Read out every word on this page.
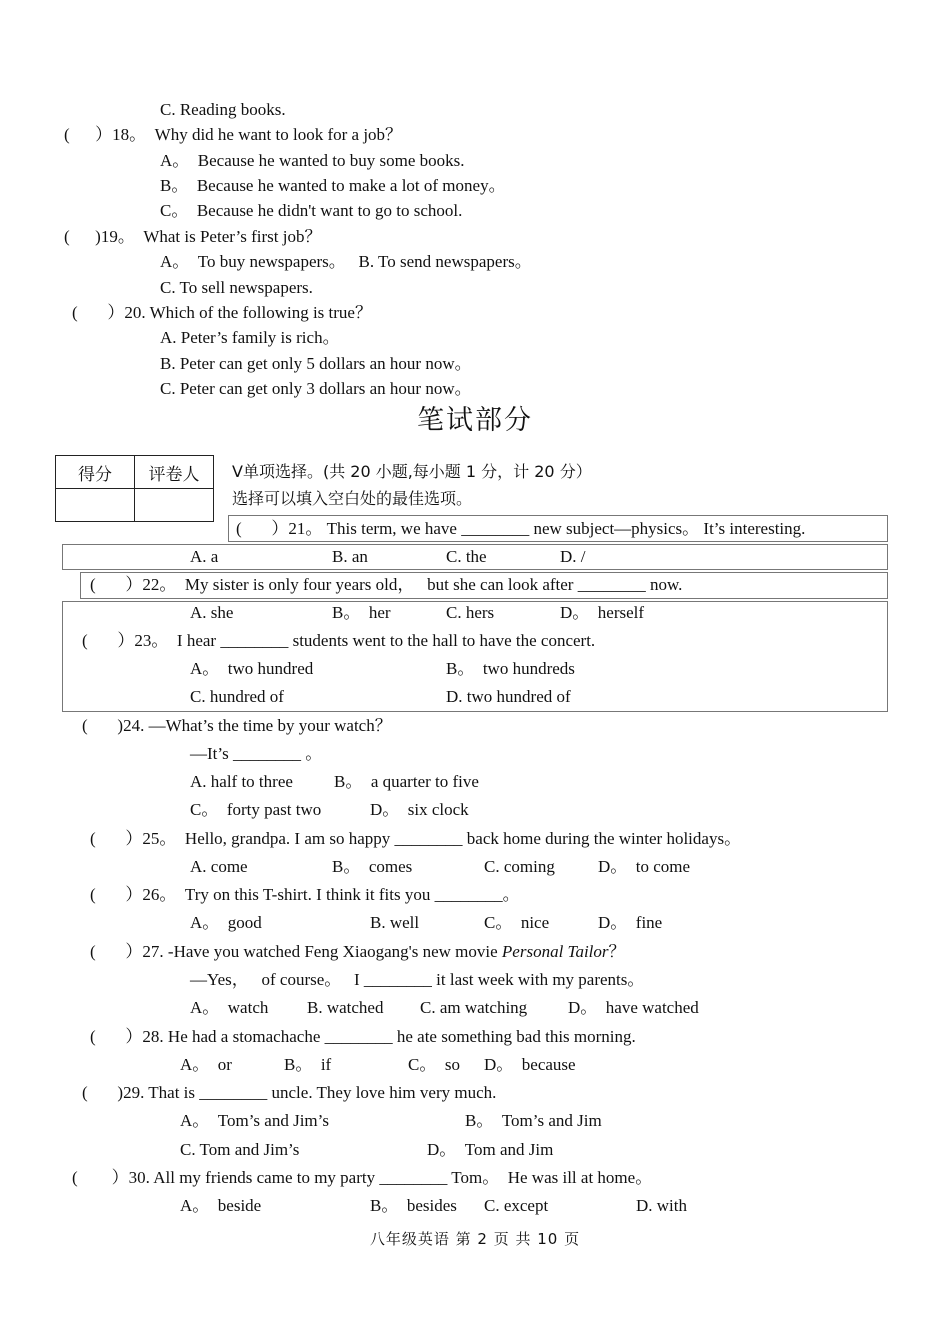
C. Reading books.
(      ）18。  Why did he want to look for a job？
A。  Because he wanted to buy some books.
B。  Because he wanted to make a lot of money。
C。  Because he didn't want to go to school.
(      )19。  What is Peter’s first job？
A。  To buy newspapers。   B. To send newspapers。
C. To sell newspapers.
(       ）20. Which of the following is true？
A. Peter’s family is rich。
B. Peter can get only 5 dollars an hour now。
C. Peter can get only 3 dollars an hour now。
笔试部分
得分	评卷人
	Ⅴ单项选择。(共 20 小题,每小题 1 分，计 20 分）
选择可以填入空白处的最佳选项。
(       ）21。 This term, we have ________ new subject—physics。 It’s interesting.
A. a	B. an	C. the	D. /
(       ）22。  My sister is only four years old，   but she can look after ________ now.
A. she	B。  her	C. hers	D。  herself
(       ）23。  I hear ________ students went to the hall to have the concert.
A。  two hundred	B。  two hundreds
C. hundred of	D. two hundred of
(       )24. —What’s the time by your watch？
—It’s ________ 。
A. half to three B。  a quarter to five
C。  forty past two	D。  six clock
(       ）25。  Hello, grandpa. I am so happy ________ back home during the winter holidays。
A. come	B。  comes	C. coming	D。  to come
(       ）26。  Try on this T-shirt. I think it fits you ________。
A。  good	B. well	C。  nice	D。  fine
(       ）27. -Have you watched Feng Xiaogang's new movie Personal Tailor？
—Yes，   of course。   I ________ it last week with my parents。
A。  watch B. watched C. am watching D。  have watched
(       ）28. He had a stomachache ________ he ate something bad this morning.
A。  or	B。  if	C。  so D。  because
(       )29. That is ________ uncle. They love him very much.
A。  Tom’s and Jim’s	B。  Tom’s and Jim
C. Tom and Jim’s	D。  Tom and Jim
(        ）30. All my friends came to my party ________ Tom。  He was ill at home。
A。  beside	B。  besides C. except	D. with
八年级英语 第 2 页 共 10 页
